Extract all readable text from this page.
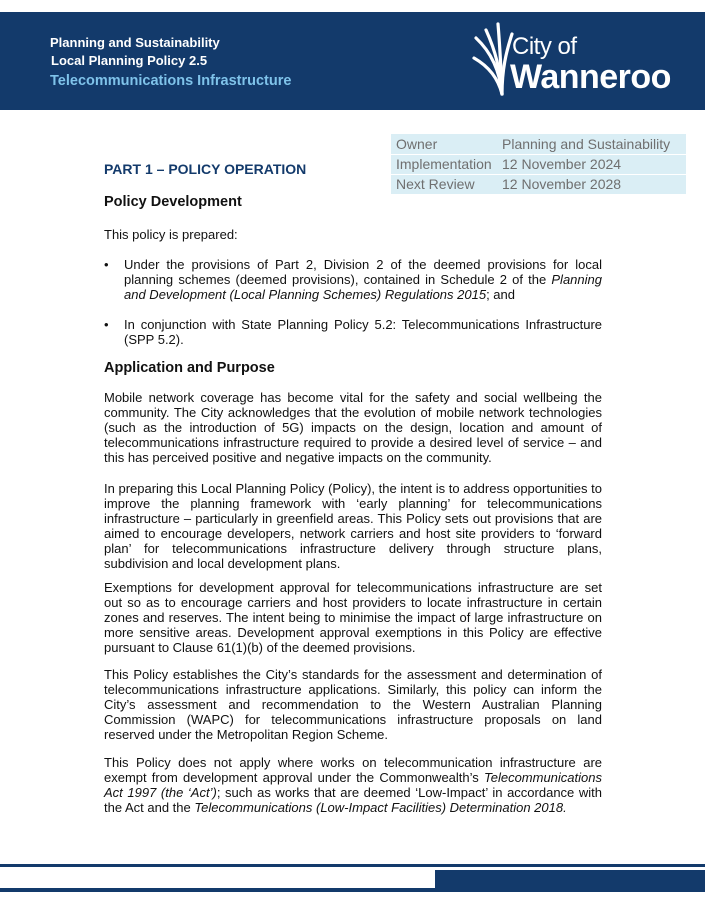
Planning and Sustainability
Local Planning Policy 2.5
Telecommunications Infrastructure
City of
Wanneroo
Owner	Planning and Sustainability
Implementation	12 November 2024
Next Review	12 November 2028
PART 1 – POLICY OPERATION
Policy Development

This policy is prepared:

• Under the provisions of Part 2, Division 2 of the deemed provisions for local planning schemes (deemed provisions), contained in Schedule 2 of the Planning and Development (Local Planning Schemes) Regulations 2015; and
• In conjunction with State Planning Policy 5.2: Telecommunications Infrastructure (SPP 5.2).
Application and Purpose

Mobile network coverage has become vital for the safety and social wellbeing the community. The City acknowledges that the evolution of mobile network technologies (such as the introduction of 5G) impacts on the design, location and amount of telecommunications infrastructure required to provide a desired level of service – and this has perceived positive and negative impacts on the community.

In preparing this Local Planning Policy (Policy), the intent is to address opportunities to improve the planning framework with ‘early planning’ for telecommunications infrastructure – particularly in greenfield areas. This Policy sets out provisions that are aimed to encourage developers, network carriers and host site providers to ‘forward plan’ for telecommunications infrastructure delivery through structure plans, subdivision and local development plans.

Exemptions for development approval for telecommunications infrastructure are set out so as to encourage carriers and host providers to locate infrastructure in certain zones and reserves. The intent being to minimise the impact of large infrastructure on more sensitive areas. Development approval exemptions in this Policy are effective pursuant to Clause 61(1)(b) of the deemed provisions.

This Policy establishes the City’s standards for the assessment and determination of telecommunications infrastructure applications. Similarly, this policy can inform the City’s assessment and recommendation to the Western Australian Planning Commission (WAPC) for telecommunications infrastructure proposals on land reserved under the Metropolitan Region Scheme.

This Policy does not apply where works on telecommunication infrastructure are exempt from development approval under the Commonwealth’s Telecommunications Act 1997 (the ‘Act’); such as works that are deemed ‘Low-Impact’ in accordance with the Act and the Telecommunications (Low-Impact Facilities) Determination 2018.
